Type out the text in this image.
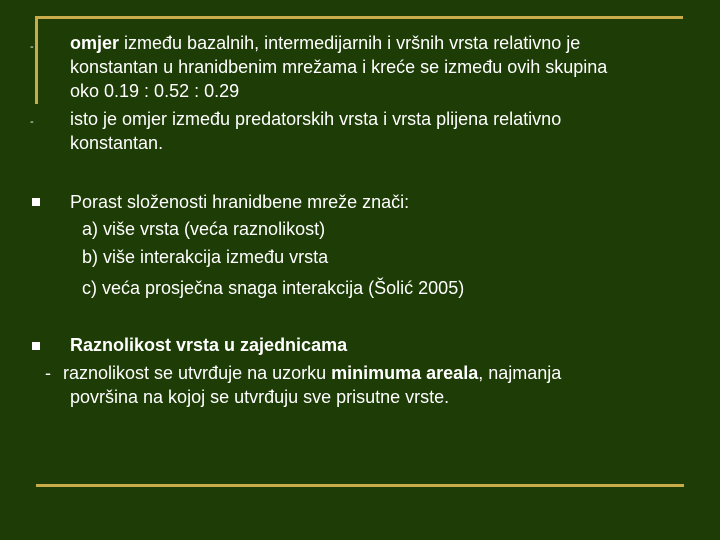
- omjer između bazalnih, intermedijarnih i vršnih vrsta relativno je
konstantan u hranidbenim mrežama i kreće se između ovih skupina
oko 0.19 : 0.52 : 0.29
- isto je omjer između predatorskih vrsta i vrsta plijena relativno
konstantan.
Porast složenosti hranidbene mreže znači:
a) više vrsta (veća raznolikost)
b) više interakcija između vrsta
c) veća prosječna snaga interakcija (Šolić 2005)
Raznolikost vrsta u zajednicama
- raznolikost se utvrđuje na uzorku minimuma areala, najmanja
površina na kojoj se utvrđuju sve prisutne vrste.
